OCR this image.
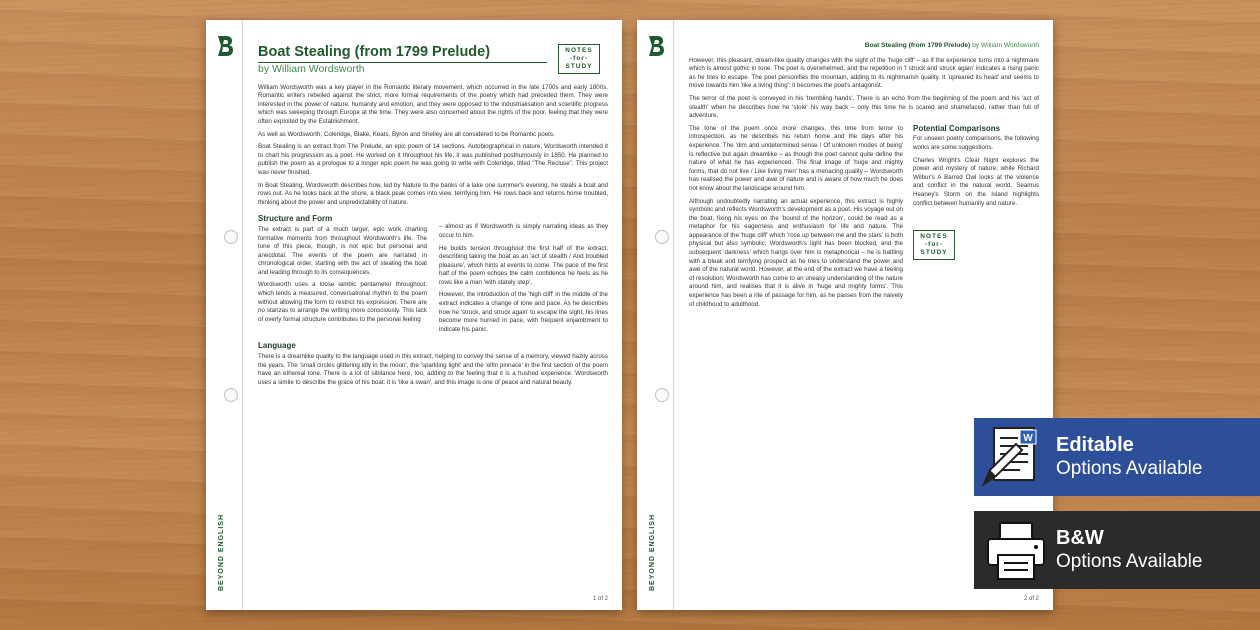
BEYOND ENGLISH
NOTES
-for-
STUDY
Boat Stealing (from 1799 Prelude)
by William Wordsworth

William Wordsworth was a key player in the Romantic literary movement, which occurred in the late 1700s and early 1800s. Romantic writers rebelled against the strict, more formal requirements of the poetry which had preceded them. They were interested in the power of nature, humanity and emotion, and they were opposed to the industrialisation and scientific progress which was sweeping through Europe at the time. They were also concerned about the rights of the poor, feeling that they were often exploited by the Establishment.

As well as Wordsworth, Coleridge, Blake, Keats, Byron and Shelley are all considered to be Romantic poets.

Boat Stealing is an extract from The Prelude, an epic poem of 14 sections. Autobiographical in nature, Wordsworth intended it to chart his progression as a poet. He worked on it throughout his life; it was published posthumously in 1850. He planned to publish the poem as a prologue to a longer epic poem he was going to write with Coleridge, titled "The Recluse". This project was never finished.

In Boat Stealing, Wordsworth describes how, led by Nature to the banks of a lake one summer's evening, he steals a boat and rows out. As he looks back at the shore, a black peak comes into view, terrifying him. He rows back and returns home troubled, thinking about the power and unpredictability of nature.

Structure and Form

The extract is part of a much larger, epic work charting formative moments from throughout Wordsworth's life. The tone of this piece, though, is not epic but personal and anecdotal. The events of the poem are narrated in chronological order, starting with the act of stealing the boat and leading through to its consequences.

Wordsworth uses a loose iambic pentameter throughout, which lends a measured, conversational rhythm to the poem without allowing the form to restrict his expression. There are no stanzas to arrange the writing more consciously. This lack of overly formal structure contributes to the personal feeling

– almost as if Wordsworth is simply narrating ideas as they occur to him.

He builds tension throughout the first half of the extract, describing taking the boat as an 'act of stealth / And troubled pleasure', which hints at events to come. The pace of the first half of the poem echoes the calm confidence he feels as he rows like a man 'with stately step'.

However, the introduction of the 'high cliff' in the middle of the extract indicates a change of tone and pace. As he describes how he 'struck, and struck again' to escape the sight, his lines become more hurried in pace, with frequent enjambment to indicate his panic.

Language

There is a dreamlike quality to the language used in this extract, helping to convey the sense of a memory, viewed hazily across the years. The 'small circles glittering idly in the moon', the 'sparkling light' and the 'elfin pinnace' in the first section of the poem have an ethereal tone. There is a lot of sibilance here, too, adding to the feeling that it is a hushed experience. Wordsworth uses a simile to describe the grace of his boat: it is 'like a swan', and this image is one of peace and natural beauty.

1 of 2
BEYOND ENGLISH
Boat Stealing (from 1799 Prelude) by William Wordsworth

However, this pleasant, dream-like quality changes with the sight of the 'huge cliff' – as if the experience turns into a nightmare which is almost gothic in tone. The poet is overwhelmed, and the repetition in 'I struck and struck again' indicates a rising panic as he tries to escape. The poet personifies the mountain, adding to its nightmarish quality. It 'upreared its head' and seems to move towards him 'like a living thing': it becomes the poet's antagonist.

The terror of the poet is conveyed in his 'trembling hands'. There is an echo from the beginning of the poem and his 'act of stealth' when he describes how he 'stole' his way back – only this time he is scared and shamefaced, rather than full of adventure.

The tone of the poem once more changes, this time from terror to introspection, as he describes his return home and the days after his experience. The 'dim and undetermined sense / Of unknown modes of being' is reflective but again dreamlike – as though the poet cannot quite define the nature of what he has experienced. The final image of 'huge and mighty forms, that do not live / Like living men' has a menacing quality – Wordsworth has realised the power and awe of nature and is aware of how much he does not know about the landscape around him.

Although undoubtedly narrating an actual experience, this extract is highly symbolic and reflects Wordsworth's development as a poet. His voyage out on the boat, fixing his eyes on the 'bound of the horizon', could be read as a metaphor for his eagerness and enthusiasm for life and nature. The appearance of the 'huge cliff' which 'rose up between me and the stars' is both physical but also symbolic; Wordsworth's light has been blocked, and the subsequent 'darkness' which hangs over him is metaphorical – he is battling with a bleak and terrifying prospect as he tries to understand the power and awe of the natural world. However, at the end of the extract we have a feeling of resolution; Wordsworth has come to an uneasy understanding of the nature around him, and realises that it is alive in 'huge and mighty forms'. This experience has been a rite of passage for him, as he passes from the naivety of childhood to adulthood.

Potential Comparisons

For unseen poetry comparisons, the following works are some suggestions.

Charles Wright's Clear Night explores the power and mystery of nature, while Richard Wilbur's A Barred Owl looks at the violence and conflict in the natural world. Seamus Heaney's Storm on the Island highlights conflict between humanity and nature.

NOTES
-for-
STUDY
2 of 2
W Editable
Options Available
B&W
Options Available
